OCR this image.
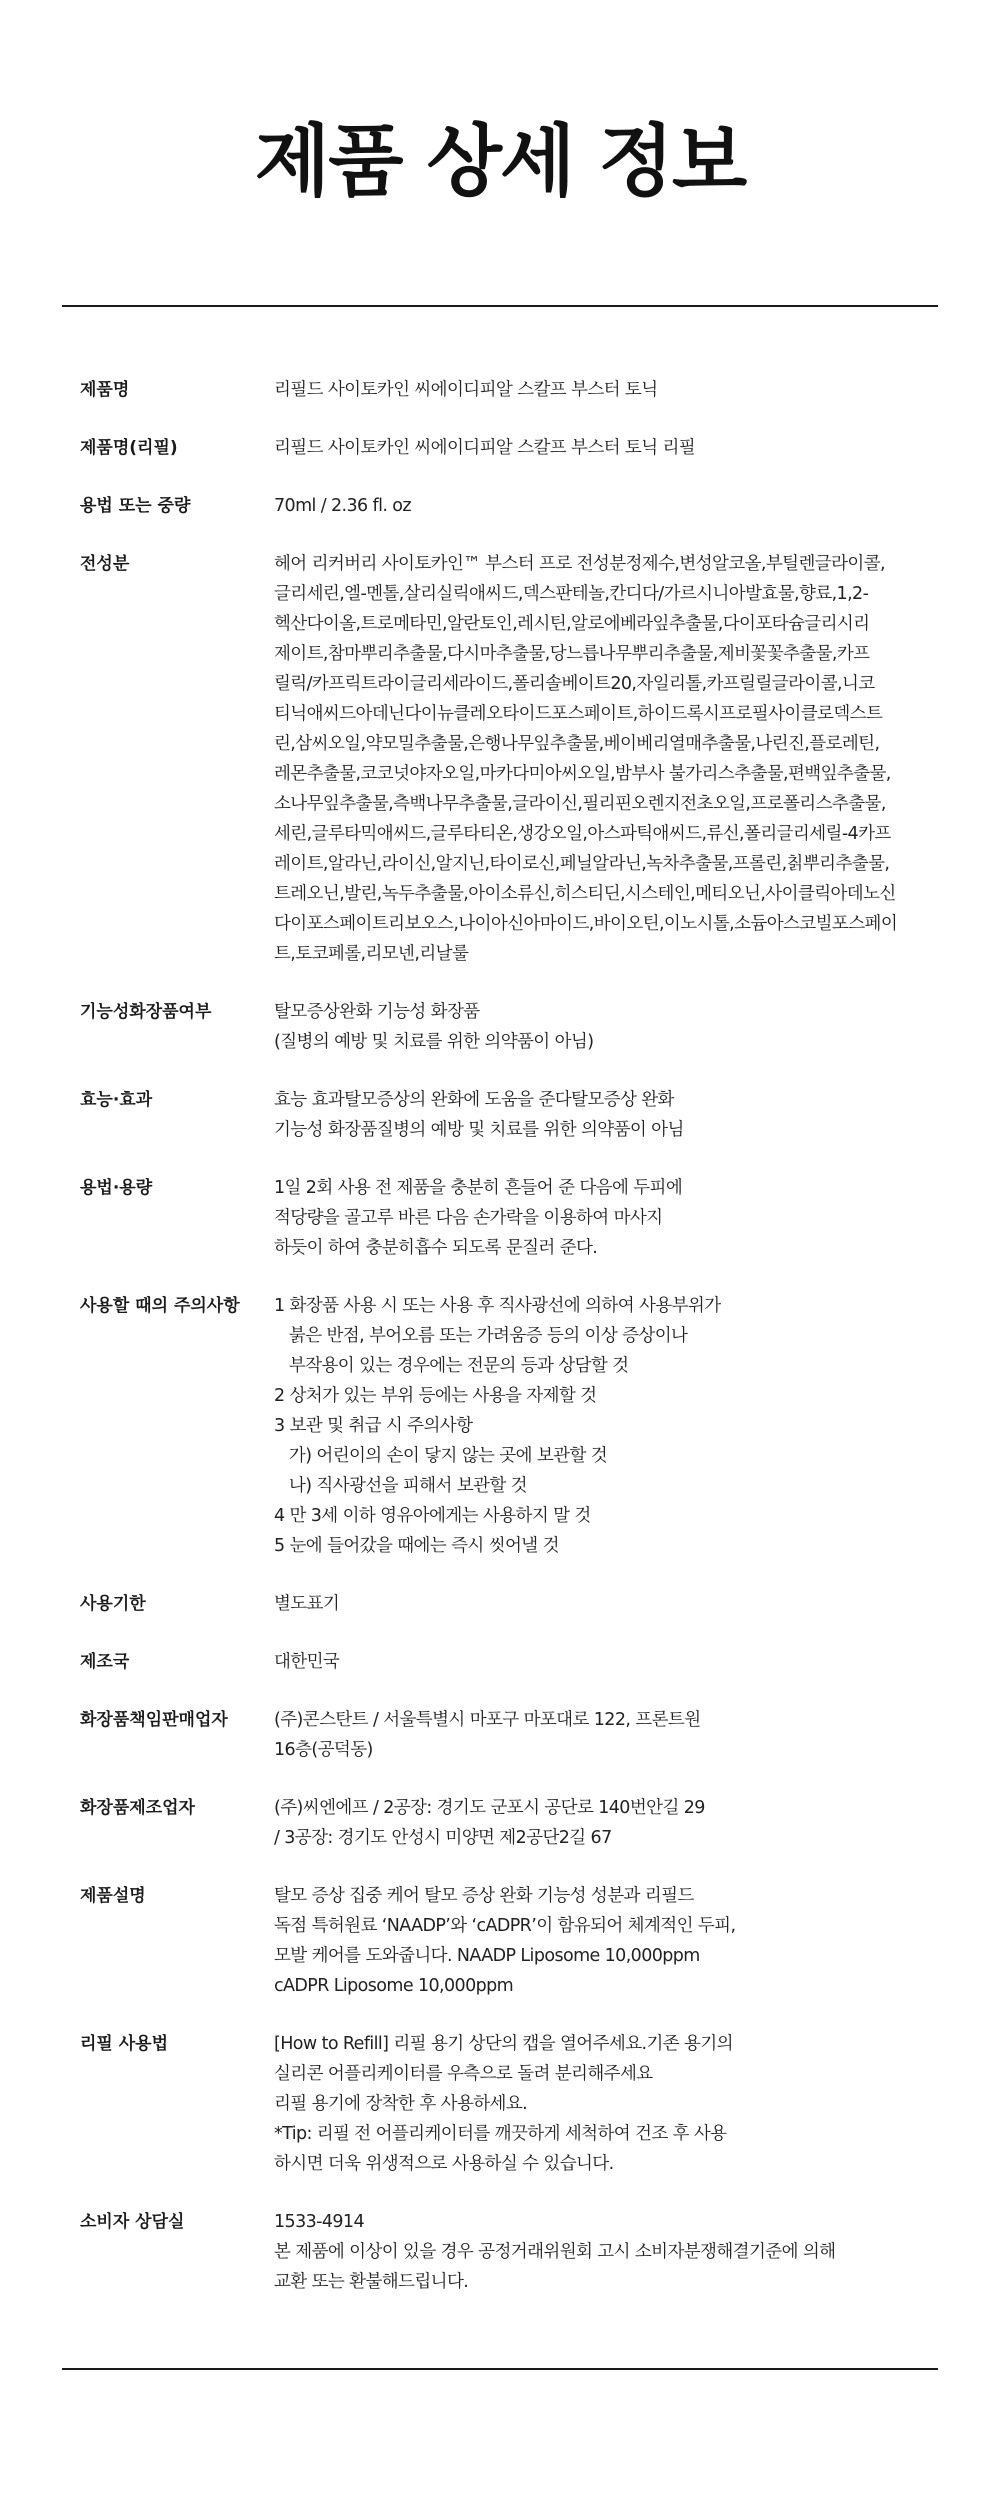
제품 상세 정보
제품명	리필드 사이토카인 씨에이디피알 스칼프 부스터 토닉
제품명(리필)	리필드 사이토카인 씨에이디피알 스칼프 부스터 토닉 리필
용법 또는 중량	70ml / 2.36 fl. oz
전성분	헤어 리커버리 사이토카인™ 부스터 프로 전성분정제수,변성알코올,부틸렌글라이콜,
글리세린,엘-멘톨,살리실릭애씨드,덱스판테놀,칸디다/가르시니아발효물,향료,1,2-
헥산다이올,트로메타민,알란토인,레시틴,알로에베라잎추출물,다이포타슘글리시리
제이트,참마뿌리추출물,다시마추출물,당느릅나무뿌리추출물,제비꽃꽃추출물,카프
릴릭/카프릭트라이글리세라이드,폴리솔베이트20,자일리톨,카프릴릴글라이콜,니코
티닉애씨드아데닌다이뉴클레오타이드포스페이트,하이드록시프로필사이클로덱스트
린,삼씨오일,약모밀추출물,은행나무잎추출물,베이베리열매추출물,나린진,플로레틴,
레몬추출물,코코넛야자오일,마카다미아씨오일,밤부사 불가리스추출물,편백잎추출물,
소나무잎추출물,측백나무추출물,글라이신,필리핀오렌지전초오일,프로폴리스추출물,
세린,글루타믹애씨드,글루타티온,생강오일,아스파틱애씨드,류신,폴리글리세릴-4카프
레이트,알라닌,라이신,알지닌,타이로신,페닐알라닌,녹차추출물,프롤린,칡뿌리추출물,
트레오닌,발린,녹두추출물,아이소류신,히스티딘,시스테인,메티오닌,사이클릭아데노신
다이포스페이트리보오스,나이아신아마이드,바이오틴,이노시톨,소듐아스코빌포스페이
트,토코페롤,리모넨,리날룰
기능성화장품여부	탈모증상완화 기능성 화장품
(질병의 예방 및 치료를 위한 의약품이 아님)
효능·효과	효능 효과탈모증상의 완화에 도움을 준다탈모증상 완화
기능성 화장품질병의 예방 및 치료를 위한 의약품이 아님
용법·용량	1일 2회 사용 전 제품을 충분히 흔들어 준 다음에 두피에
적당량을 골고루 바른 다음 손가락을 이용하여 마사지
하듯이 하여 충분히흡수 되도록 문질러 준다.
사용할 때의 주의사항	1 화장품 사용 시 또는 사용 후 직사광선에 의하여 사용부위가
붉은 반점, 부어오름 또는 가려움증 등의 이상 증상이나
부작용이 있는 경우에는 전문의 등과 상담할 것
2 상처가 있는 부위 등에는 사용을 자제할 것
3 보관 및 취급 시 주의사항
가) 어린이의 손이 닿지 않는 곳에 보관할 것
나) 직사광선을 피해서 보관할 것
4 만 3세 이하 영유아에게는 사용하지 말 것
5 눈에 들어갔을 때에는 즉시 씻어낼 것
사용기한	별도표기
제조국	대한민국
화장품책임판매업자	(주)콘스탄트 / 서울특별시 마포구 마포대로 122, 프론트원
16층(공덕동)
화장품제조업자	(주)씨엔에프 / 2공장: 경기도 군포시 공단로 140번안길 29
/ 3공장: 경기도 안성시 미양면 제2공단2길 67
제품설명	탈모 증상 집중 케어 탈모 증상 완화 기능성 성분과 리필드
독점 특허원료 ‘NAADP’와 ‘cADPR’이 함유되어 체계적인 두피,
모발 케어를 도와줍니다. NAADP Liposome 10,000ppm
cADPR Liposome 10,000ppm
리필 사용법	[How to Refill] 리필 용기 상단의 캡을 열어주세요.기존 용기의
실리콘 어플리케이터를 우측으로 돌려 분리해주세요
리필 용기에 장착한 후 사용하세요.
*Tip: 리필 전 어플리케이터를 깨끗하게 세척하여 건조 후 사용
하시면 더욱 위생적으로 사용하실 수 있습니다.
소비자 상담실	1533-4914
본 제품에 이상이 있을 경우 공정거래위원회 고시 소비자분쟁해결기준에 의해
교환 또는 환불해드립니다.
